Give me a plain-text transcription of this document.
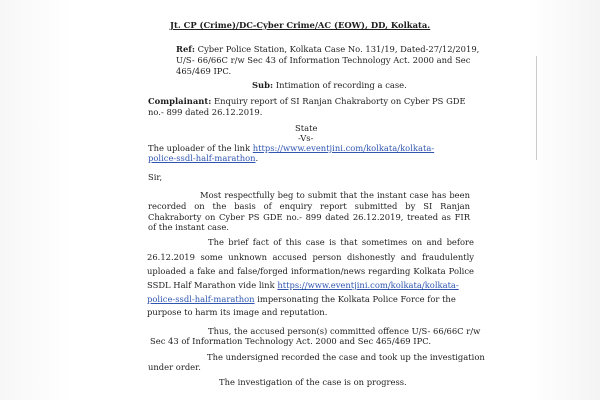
Jt. CP (Crime)/DC-Cyber Crime/AC (EOW), DD, Kolkata.
Ref: Cyber Police Station, Kolkata Case No. 131/19, Dated-27/12/2019,
U/S- 66/66C r/w Sec 43 of Information Technology Act. 2000 and Sec
465/469 IPC.
Sub: Intimation of recording a case.
Complainant: Enquiry report of SI Ranjan Chakraborty on Cyber PS GDE
no.- 899 dated 26.12.2019.
State
-Vs-
The uploader of the link https://www.eventjini.com/kolkata/kolkata-
police-ssdl-half-marathon.
Sir,
Most respectfully beg to submit that the instant case has been
recorded on the basis of enquiry report submitted by SI Ranjan
Chakraborty on Cyber PS GDE no.- 899 dated 26.12.2019, treated as FIR
of the instant case.
The brief fact of this case is that sometimes on and before
26.12.2019 some unknown accused person dishonestly and fraudulently
uploaded a fake and false/forged information/news regarding Kolkata Police
SSDL Half Marathon vide link https://www.eventjini.com/kolkata/kolkata-
police-ssdl-half-marathon impersonating the Kolkata Police Force for the
purpose to harm its image and reputation.
Thus, the accused person(s) committed offence U/S- 66/66C r/w
Sec 43 of Information Technology Act. 2000 and Sec 465/469 IPC.
The undersigned recorded the case and took up the investigation
under order.
The investigation of the case is on progress.
